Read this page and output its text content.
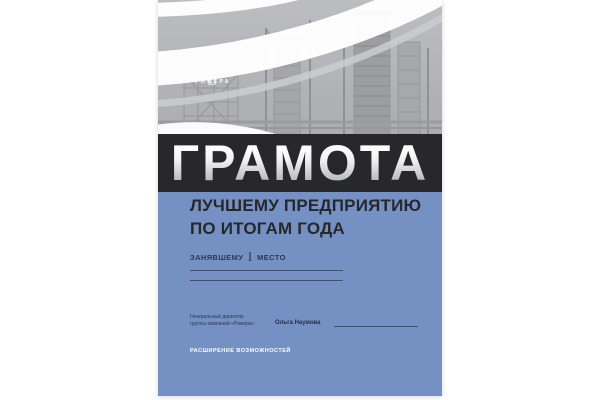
РИМЕРА
ГРАМОТА
ЛУЧШЕМУ ПРЕДПРИЯТИЮ
ПО ИТОГАМ ГОДА
ЗАНЯВШЕМУ I МЕСТО
Генеральный директор
группы компаний «Римера»	Ольга Наумова
РАСШИРЕНИЕ ВОЗМОЖНОСТЕЙ
